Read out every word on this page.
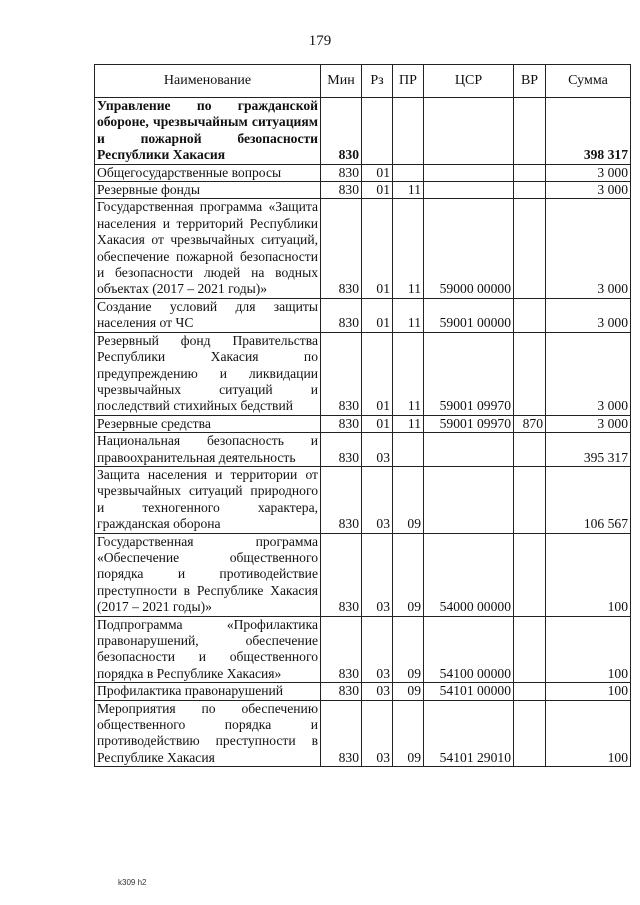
179
Наименование	Мин	Рз	ПР	ЦСР	ВР	Сумма
Управление по гражданской обороне, чрезвычайным ситуациям и пожарной безопасности Республики Хакасия	830					398 317
Общегосударственные вопросы	830	01				3 000
Резервные фонды	830	01	11			3 000
Государственная программа «Защита населения и территорий Республики Хакасия от чрезвычайных ситуаций, обеспечение пожарной безопасности и безопасности людей на водных объектах (2017 – 2021 годы)»	830	01	11	59000 00000		3 000
Создание условий для защиты населения от ЧС	830	01	11	59001 00000		3 000
Резервный фонд Правительства Республики Хакасия по предупреждению и ликвидации чрезвычайных ситуаций и последствий стихийных бедствий	830	01	11	59001 09970		3 000
Резервные средства	830	01	11	59001 09970	870	3 000
Национальная безопасность и правоохранительная деятельность	830	03				395 317
Защита населения и территории от чрезвычайных ситуаций природного и техногенного характера, гражданская оборона	830	03	09			106 567
Государственная программа «Обеспечение общественного порядка и противодействие преступности в Республике Хакасия (2017 – 2021 годы)»	830	03	09	54000 00000		100
Подпрограмма «Профилактика правонарушений, обеспечение безопасности и общественного порядка в Республике Хакасия»	830	03	09	54100 00000		100
Профилактика правонарушений	830	03	09	54101 00000		100
Мероприятия по обеспечению общественного порядка и противодействию преступности в Республике Хакасия	830	03	09	54101 29010		100
k309 h2
